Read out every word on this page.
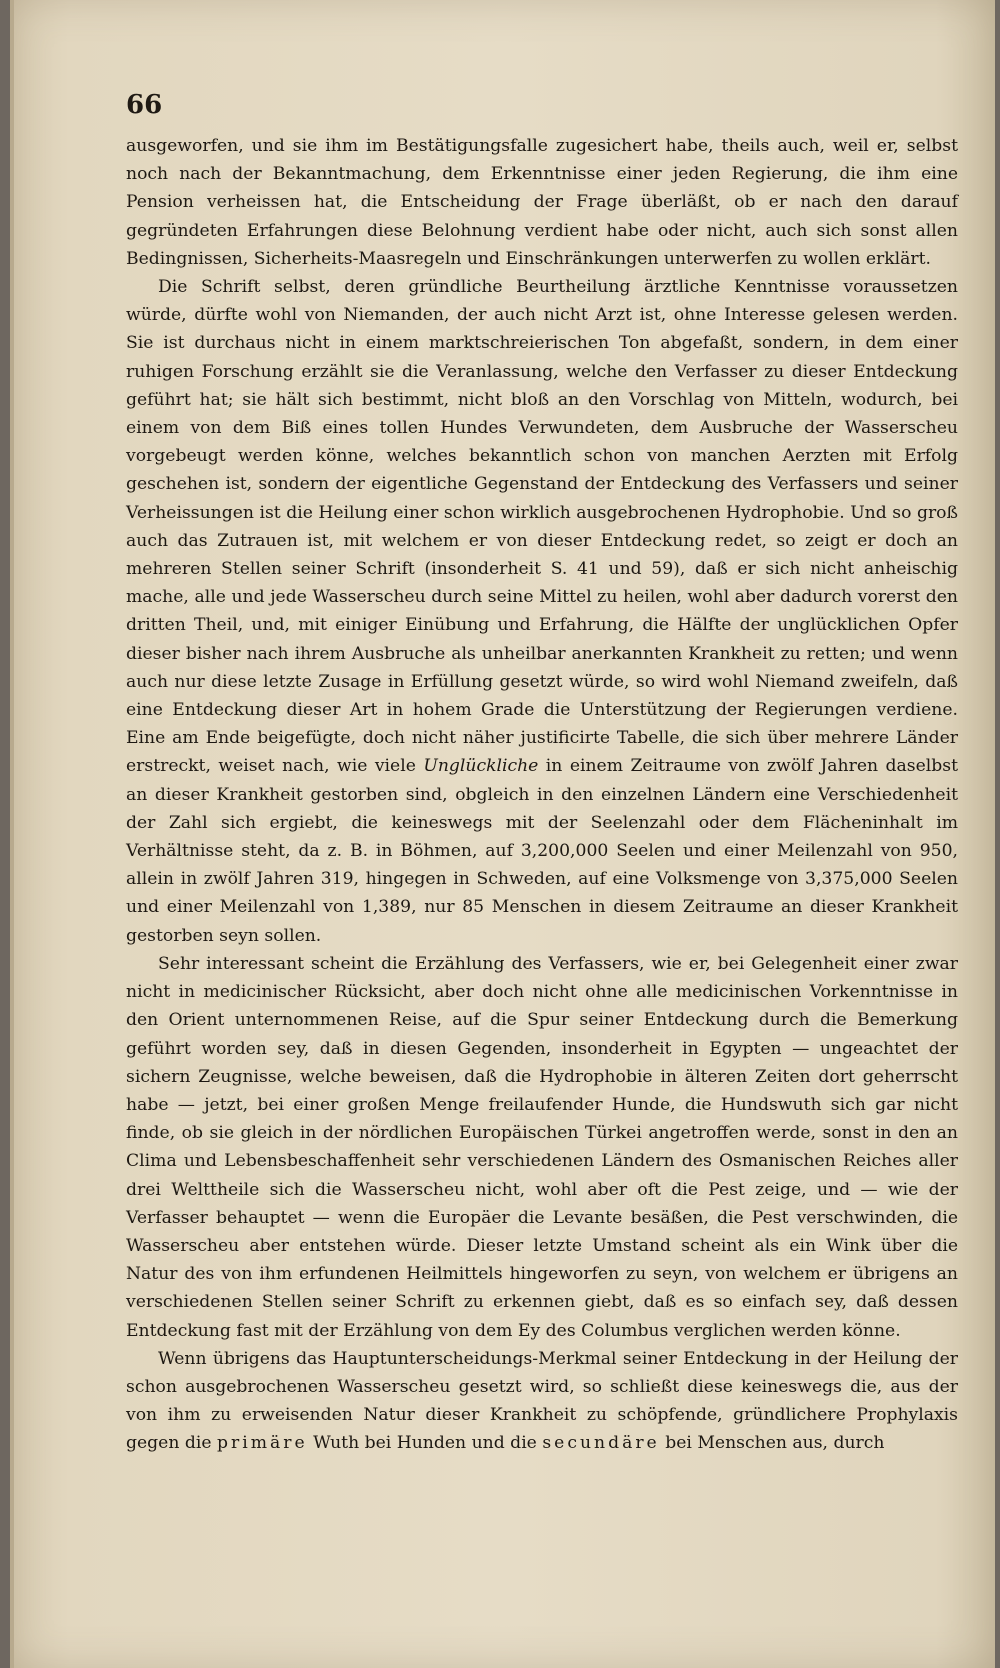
66

ausgeworfen, und sie ihm im Bestätigungsfalle zugesichert habe, theils auch, weil er, selbst noch nach der Bekanntmachung, dem Erkenntnisse einer jeden Regierung, die ihm eine Pension verheissen hat, die Entscheidung der Frage überläßt, ob er nach den darauf gegründeten Erfahrungen diese Belohnung verdient habe oder nicht, auch sich sonst allen Bedingnissen, Sicherheits-Maasregeln und Einschränkungen unterwerfen zu wollen erklärt.

Die Schrift selbst, deren gründliche Beurtheilung ärztliche Kenntnisse voraussetzen würde, dürfte wohl von Niemanden, der auch nicht Arzt ist, ohne Interesse gelesen werden. Sie ist durchaus nicht in einem marktschreierischen Ton abgefaßt, sondern, in dem einer ruhigen Forschung erzählt sie die Veranlassung, welche den Verfasser zu dieser Entdeckung geführt hat; sie hält sich bestimmt, nicht bloß an den Vorschlag von Mitteln, wodurch, bei einem von dem Biß eines tollen Hundes Verwundeten, dem Ausbruche der Wasserscheu vorgebeugt werden könne, welches bekanntlich schon von manchen Aerzten mit Erfolg geschehen ist, sondern der eigentliche Gegenstand der Entdeckung des Verfassers und seiner Verheissungen ist die Heilung einer schon wirklich ausgebrochenen Hydrophobie. Und so groß auch das Zutrauen ist, mit welchem er von dieser Entdeckung redet, so zeigt er doch an mehreren Stellen seiner Schrift (insonderheit S. 41 und 59), daß er sich nicht anheischig mache, alle und jede Wasserscheu durch seine Mittel zu heilen, wohl aber dadurch vorerst den dritten Theil, und, mit einiger Einübung und Erfahrung, die Hälfte der unglücklichen Opfer dieser bisher nach ihrem Ausbruche als unheilbar anerkannten Krankheit zu retten; und wenn auch nur diese letzte Zusage in Erfüllung gesetzt würde, so wird wohl Niemand zweifeln, daß eine Entdeckung dieser Art in hohem Grade die Unterstützung der Regierungen verdiene. Eine am Ende beigefügte, doch nicht näher justificirte Tabelle, die sich über mehrere Länder erstreckt, weiset nach, wie viele Unglückliche in einem Zeitraume von zwölf Jahren daselbst an dieser Krankheit gestorben sind, obgleich in den einzelnen Ländern eine Verschiedenheit der Zahl sich ergiebt, die keineswegs mit der Seelenzahl oder dem Flächeninhalt im Verhältnisse steht, da z. B. in Böhmen, auf 3,200,000 Seelen und einer Meilenzahl von 950, allein in zwölf Jahren 319, hingegen in Schweden, auf eine Volksmenge von 3,375,000 Seelen und einer Meilenzahl von 1,389, nur 85 Menschen in diesem Zeitraume an dieser Krankheit gestorben seyn sollen.

Sehr interessant scheint die Erzählung des Verfassers, wie er, bei Gelegenheit einer zwar nicht in medicinischer Rücksicht, aber doch nicht ohne alle medicinischen Vorkenntnisse in den Orient unternommenen Reise, auf die Spur seiner Entdeckung durch die Bemerkung geführt worden sey, daß in diesen Gegenden, insonderheit in Egypten — ungeachtet der sichern Zeugnisse, welche beweisen, daß die Hydrophobie in älteren Zeiten dort geherrscht habe — jetzt, bei einer großen Menge freilaufender Hunde, die Hundswuth sich gar nicht finde, ob sie gleich in der nördlichen Europäischen Türkei angetroffen werde, sonst in den an Clima und Lebensbeschaffenheit sehr verschiedenen Ländern des Osmanischen Reiches aller drei Welttheile sich die Wasserscheu nicht, wohl aber oft die Pest zeige, und — wie der Verfasser behauptet — wenn die Europäer die Levante besäßen, die Pest verschwinden, die Wasserscheu aber entstehen würde. Dieser letzte Umstand scheint als ein Wink über die Natur des von ihm erfundenen Heilmittels hingeworfen zu seyn, von welchem er übrigens an verschiedenen Stellen seiner Schrift zu erkennen giebt, daß es so einfach sey, daß dessen Entdeckung fast mit der Erzählung von dem Ey des Columbus verglichen werden könne.

Wenn übrigens das Hauptunterscheidungs-Merkmal seiner Entdeckung in der Heilung der schon ausgebrochenen Wasserscheu gesetzt wird, so schließt diese keineswegs die, aus der von ihm zu erweisenden Natur dieser Krankheit zu schöpfende, gründlichere Prophylaxis gegen die primäre Wuth bei Hunden und die secundäre bei Menschen aus, durch
